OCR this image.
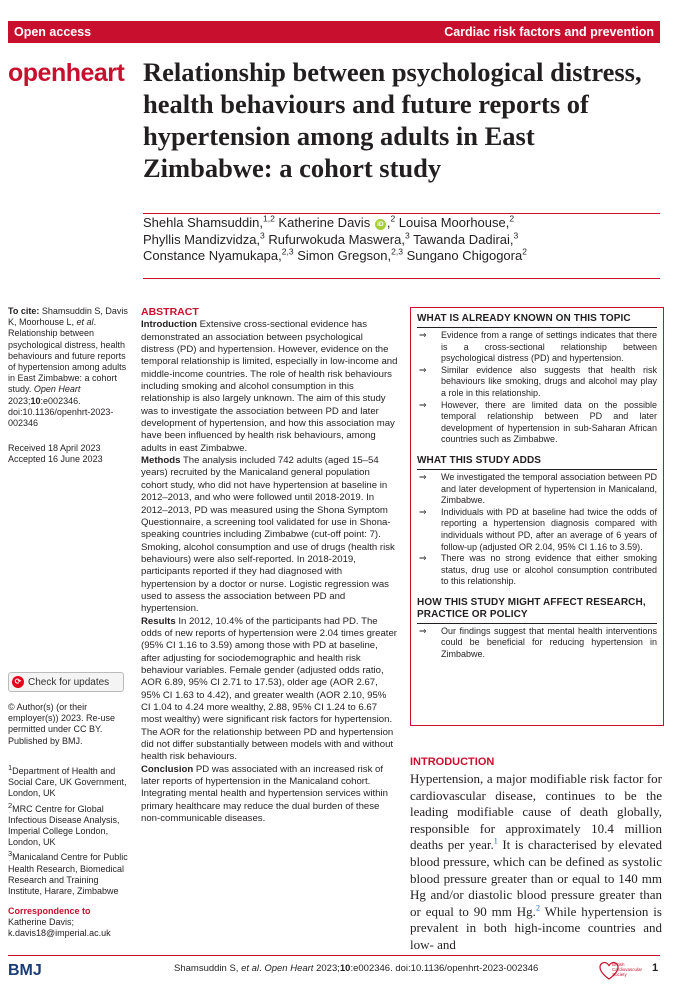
Open access	Cardiac risk factors and prevention
openheart Relationship between psychological distress, health behaviours and future reports of hypertension among adults in East Zimbabwe: a cohort study
Shehla Shamsuddin,$^{1,2}$ Katherine Davis iD ,$^2$ Louisa Moorhouse,$^2$
Phyllis Mandizvidza,$^3$ Rufurwokuda Maswera,$^3$ Tawanda Dadirai,$^3$
Constance Nyamukapa,$^{2,3}$ Simon Gregson,$^{2,3}$ Sungano Chigogora$^2$

To cite: Shamsuddin S, Davis K, Moorhouse L, et al. Relationship between psychological distress, health behaviours and future reports of hypertension among adults in East Zimbabwe: a cohort study. Open Heart 2023;10:e002346. doi:10.1136/openhrt-2023-002346

Received 18 April 2023

Accepted 16 June 2023

⟳ Check for updates

© Author(s) (or their employer(s)) 2023. Re-use permitted under CC BY. Published by BMJ.

$^1$Department of Health and Social Care, UK Government, London, UK

$^2$MRC Centre for Global Infectious Disease Analysis, Imperial College London, London, UK

$^3$Manicaland Centre for Public Health Research, Biomedical Research and Training Institute, Harare, Zimbabwe

Correspondence to

Katherine Davis; k.davis18@imperial.ac.uk

ABSTRACT

Introduction Extensive cross-sectional evidence has demonstrated an association between psychological distress (PD) and hypertension. However, evidence on the temporal relationship is limited, especially in low-income and middle-income countries. The role of health risk behaviours including smoking and alcohol consumption in this relationship is also largely unknown. The aim of this study was to investigate the association between PD and later development of hypertension, and how this association may have been influenced by health risk behaviours, among adults in east Zimbabwe.

Methods The analysis included 742 adults (aged 15–54 years) recruited by the Manicaland general population cohort study, who did not have hypertension at baseline in 2012–2013, and who were followed until 2018-2019. In 2012–2013, PD was measured using the Shona Symptom Questionnaire, a screening tool validated for use in Shona-speaking countries including Zimbabwe (cut-off point: 7). Smoking, alcohol consumption and use of drugs (health risk behaviours) were also self-reported. In 2018-2019, participants reported if they had diagnosed with hypertension by a doctor or nurse. Logistic regression was used to assess the association between PD and hypertension.

Results In 2012, 10.4% of the participants had PD. The odds of new reports of hypertension were 2.04 times greater (95% CI 1.16 to 3.59) among those with PD at baseline, after adjusting for sociodemographic and health risk behaviour variables. Female gender (adjusted odds ratio, AOR 6.89, 95% CI 2.71 to 17.53), older age (AOR 2.67, 95% CI 1.63 to 4.42), and greater wealth (AOR 2.10, 95% CI 1.04 to 4.24 more wealthy, 2.88, 95% CI 1.24 to 6.67 most wealthy) were significant risk factors for hypertension. The AOR for the relationship between PD and hypertension did not differ substantially between models with and without health risk behaviours.

Conclusion PD was associated with an increased risk of later reports of hypertension in the Manicaland cohort. Integrating mental health and hypertension services within primary healthcare may reduce the dual burden of these non-communicable diseases.

WHAT IS ALREADY KNOWN ON THIS TOPIC
⇒ Evidence from a range of settings indicates that there is a cross-sectional relationship between psychological distress (PD) and hypertension.
⇒ Similar evidence also suggests that health risk behaviours like smoking, drugs and alcohol may play a role in this relationship.
⇒ However, there are limited data on the possible temporal relationship between PD and later development of hypertension in sub-Saharan African countries such as Zimbabwe.
WHAT THIS STUDY ADDS
⇒ We investigated the temporal association between PD and later development of hypertension in Manicaland, Zimbabwe.
⇒ Individuals with PD at baseline had twice the odds of reporting a hypertension diagnosis compared with individuals without PD, after an average of 6 years of follow-up (adjusted OR 2.04, 95% CI 1.16 to 3.59).
⇒ There was no strong evidence that either smoking status, drug use or alcohol consumption contributed to this relationship.
HOW THIS STUDY MIGHT AFFECT RESEARCH, PRACTICE OR POLICY
⇒ Our findings suggest that mental health interventions could be beneficial for reducing hypertension in Zimbabwe.
INTRODUCTION

Hypertension, a major modifiable risk factor for cardiovascular disease, continues to be the leading modifiable cause of death globally, responsible for approximately 10.4 million deaths per year.$^1$ It is characterised by elevated blood pressure, which can be defined as systolic blood pressure greater than or equal to 140 mm Hg and/or diastolic blood pressure greater than or equal to 90 mm Hg.$^2$ While hypertension is prevalent in both high-income countries and low- and

BMJ	Shamsuddin S, et al. Open Heart 2023;10:e002346. doi:10.1136/openhrt-2023-002346	British Cardiovascular Society
1
